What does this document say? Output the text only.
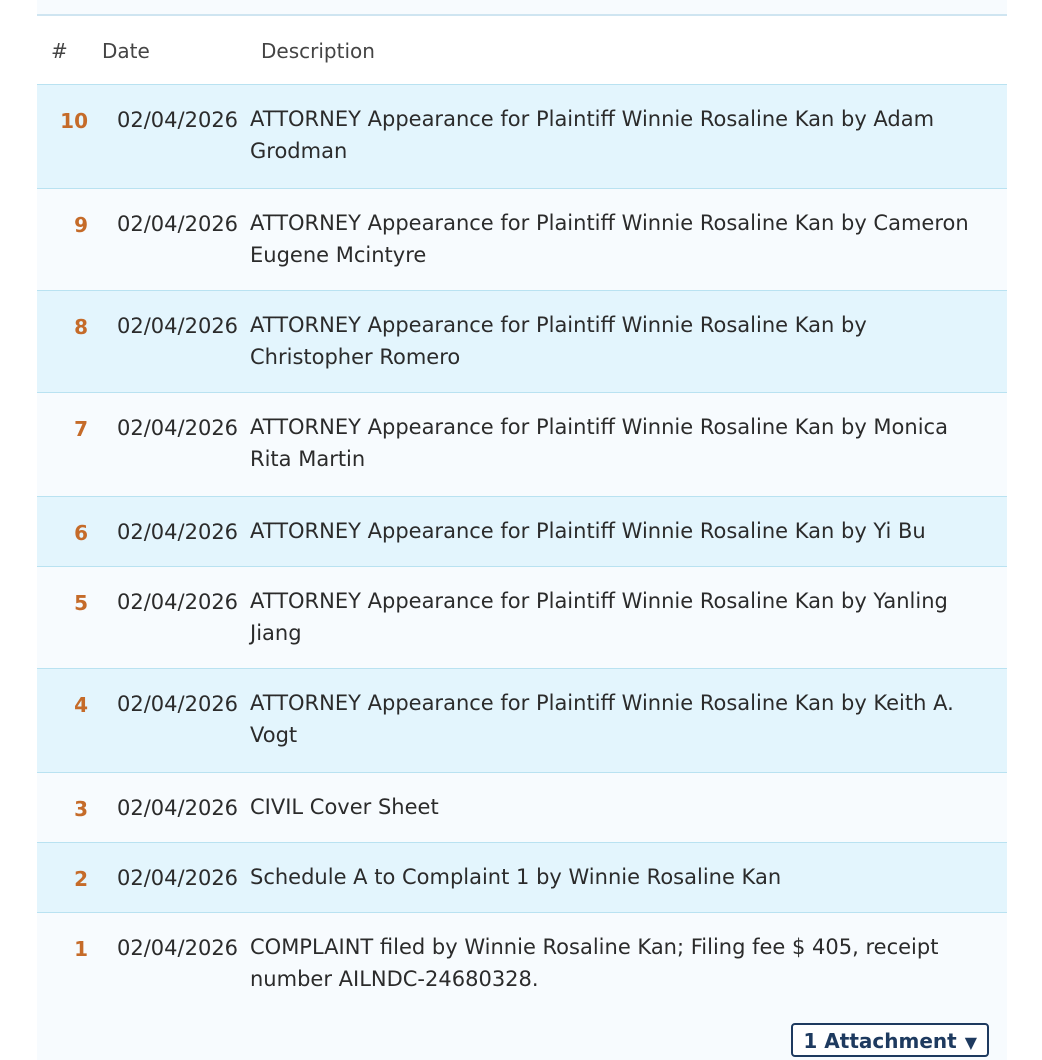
# Date	Description
10 02/04/2026 ATTORNEY Appearance for Plaintiff Winnie Rosaline Kan by Adam Grodman
9 02/04/2026 ATTORNEY Appearance for Plaintiff Winnie Rosaline Kan by Cameron Eugene Mcintyre
8 02/04/2026 ATTORNEY Appearance for Plaintiff Winnie Rosaline Kan by Christopher Romero
7 02/04/2026 ATTORNEY Appearance for Plaintiff Winnie Rosaline Kan by Monica Rita Martin
6 02/04/2026 ATTORNEY Appearance for Plaintiff Winnie Rosaline Kan by Yi Bu
5 02/04/2026 ATTORNEY Appearance for Plaintiff Winnie Rosaline Kan by Yanling Jiang
4 02/04/2026 ATTORNEY Appearance for Plaintiff Winnie Rosaline Kan by Keith A. Vogt
3 02/04/2026 CIVIL Cover Sheet
2 02/04/2026 Schedule A to Complaint 1 by Winnie Rosaline Kan
1 02/04/2026 COMPLAINT filed by Winnie Rosaline Kan; Filing fee $ 405, receipt number AILNDC-24680328.
1 Attachment ▼
